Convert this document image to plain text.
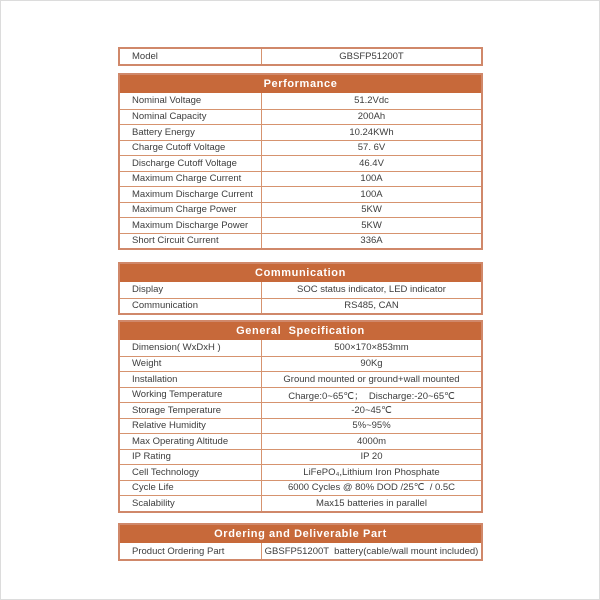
Model	GBSFP51200T
Performance
Nominal Voltage	51.2Vdc
Nominal Capacity	200Ah
Battery Energy	10.24KWh
Charge Cutoff Voltage	57. 6V
Discharge Cutoff Voltage	46.4V
Maximum Charge Current	100A
Maximum Discharge Current	100A
Maximum Charge Power	5KW
Maximum Discharge Power	5KW
Short Circuit Current	336A
Communication
Display	SOC status indicator, LED indicator
Communication	RS485, CAN
General  Specification
Dimension( WxDxH )	500×170×853mm
Weight	90Kg
Installation	Ground mounted or ground+wall mounted
Working Temperature	Charge:0~65℃；  Discharge:-20~65℃
Storage Temperature	-20~45℃
Relative Humidity	5%~95%
Max Operating Altitude	4000m
IP Rating	IP 20
Cell Technology	LiFePO₄,Lithium Iron Phosphate
Cycle Life	6000 Cycles @ 80% DOD /25℃  / 0.5C
Scalability	Max15 batteries in parallel
Ordering and Deliverable Part
Product Ordering Part	GBSFP51200T  battery(cable/wall mount included)
